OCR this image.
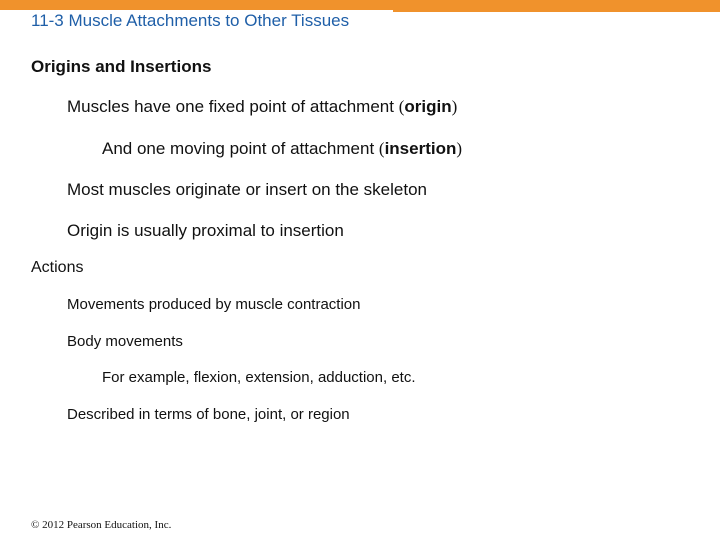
11-3 Muscle Attachments to Other Tissues
Origins and Insertions
Muscles have one fixed point of attachment (origin)
And one moving point of attachment (insertion)
Most muscles originate or insert on the skeleton
Origin is usually proximal to insertion
Actions
Movements produced by muscle contraction
Body movements
For example, flexion, extension, adduction, etc.
Described in terms of bone, joint, or region
© 2012 Pearson Education, Inc.
